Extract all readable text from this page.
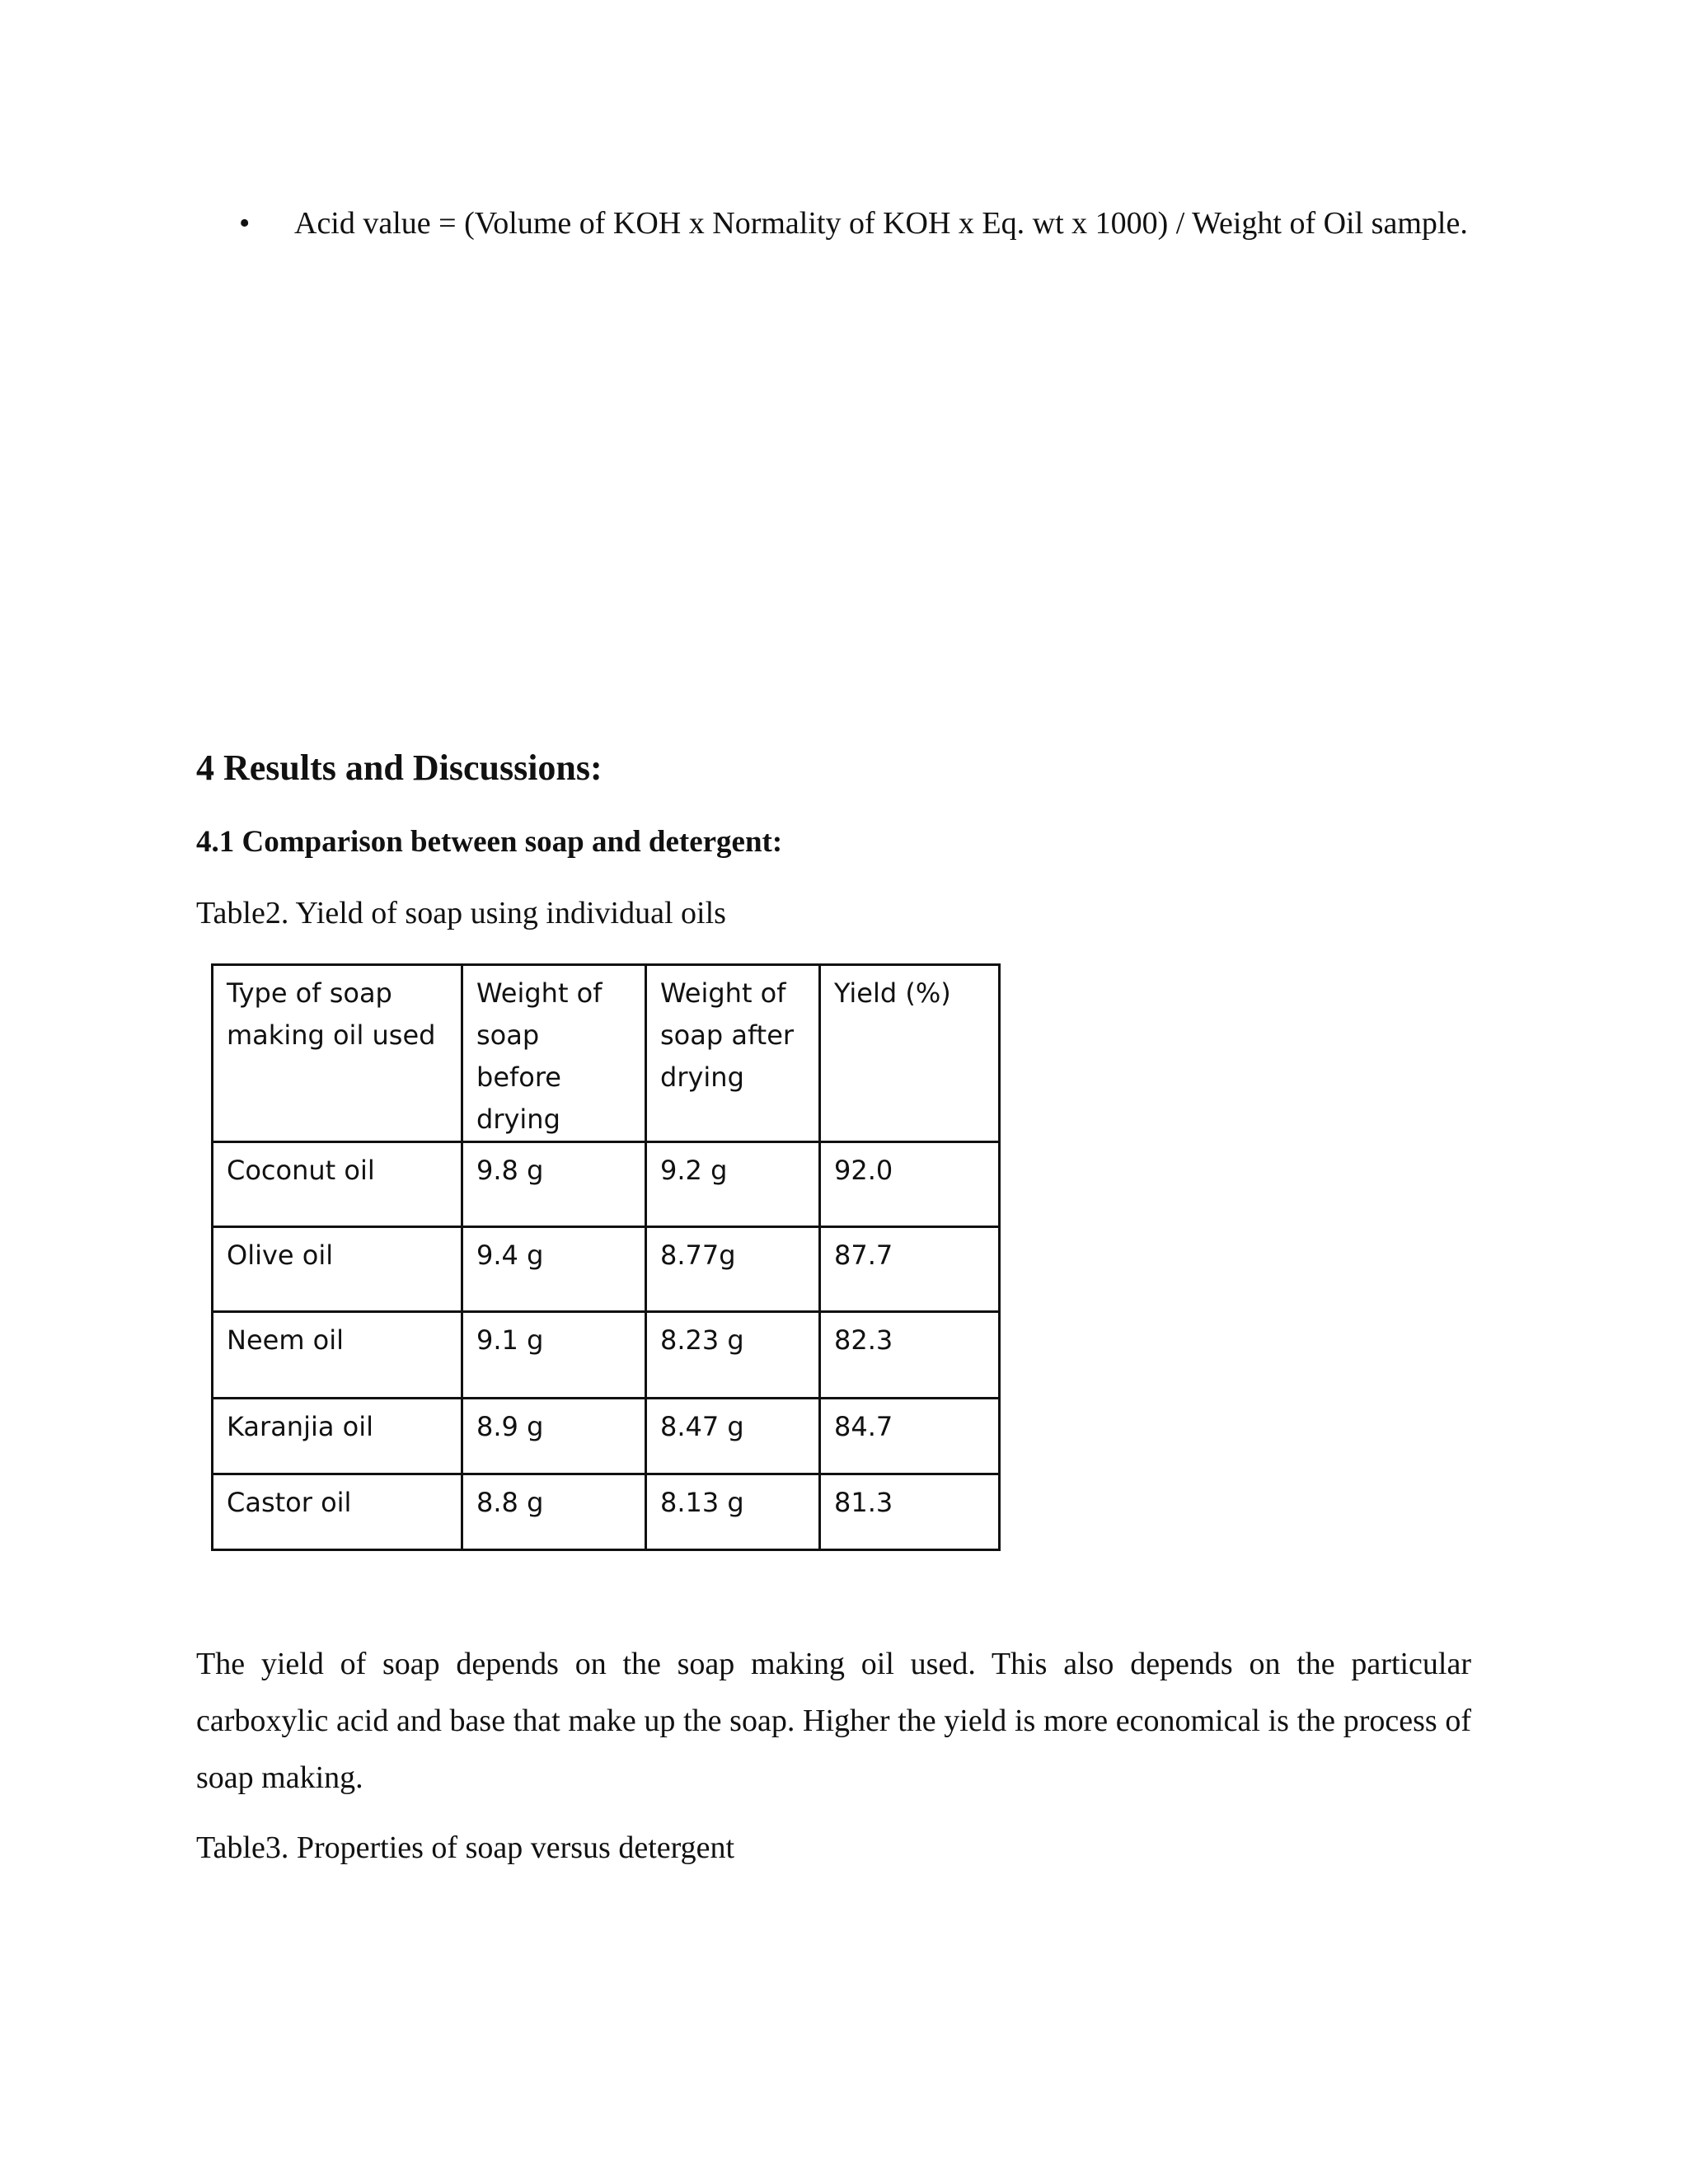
• Acid value = (Volume of KOH x Normality of KOH x Eq. wt x 1000) / Weight of Oil sample.
4 Results and Discussions:
4.1 Comparison between soap and detergent:
Table2. Yield of soap using individual oils
Type of soap making oil used	Weight of soap before drying	Weight of soap after drying	Yield (%)
Coconut oil	9.8 g	9.2 g	92.0
Olive oil	9.4 g	8.77g	87.7
Neem oil	9.1 g	8.23 g	82.3
Karanjia oil	8.9 g	8.47 g	84.7
Castor oil	8.8 g	8.13 g	81.3
The yield of soap depends on the soap making oil used. This also depends on the particular carboxylic acid and base that make up the soap. Higher the yield is more economical is the process of soap making.
Table3. Properties of soap versus detergent
